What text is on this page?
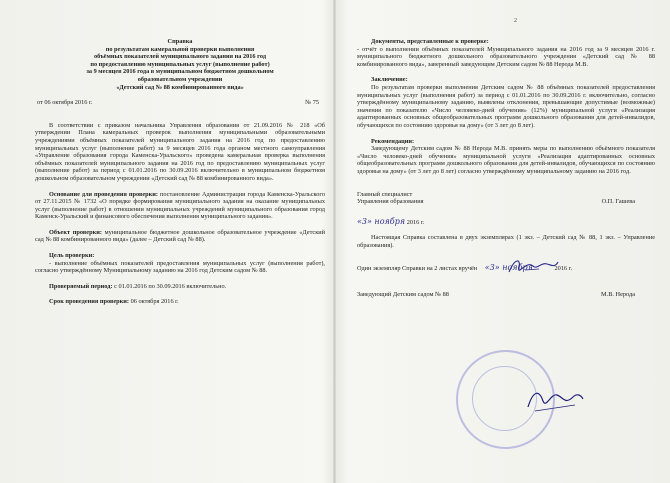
2
Справка
по результатам камеральной проверки выполнения
объёмных показателей муниципального задания на 2016 год
по предоставлению муниципальных услуг (выполнение работ)
за 9 месяцев 2016 года в муниципальном бюджетном дошкольном
образовательном учреждении
«Детский сад № 88 комбинированного вида»
от 06 октября 2016 г.	№ 75
В соответствии с приказом начальника Управления образования от 21.09.2016 № 218 «Об утверждении Плана камеральных проверок выполнения муниципальными образовательными учреждениями объёмных показателей муниципального задания на 2016 год по предоставлению муниципальных услуг (выполнение работ) за 9 месяцев 2016 года органом местного самоуправления «Управление образования города Каменска-Уральского» проведена камеральная проверка выполнения объёмных показателей муниципального задания на 2016 год по предоставлению муниципальных услуг (выполнение работ) за период с 01.01.2016 по 30.09.2016 включительно в муниципальном бюджетном дошкольном образовательном учреждении «Детский сад № 88 комбинированного вида».
Основание для проведения проверки: постановление Администрации города Каменска-Уральского от 27.11.2015 № 1732 «О порядке формирования муниципального задания на оказание муниципальных услуг (выполнение работ) в отношении муниципальных учреждений муниципального образования город Каменск-Уральский и финансового обеспечения выполнения муниципального задания».
Объект проверки: муниципальное бюджетное дошкольное образовательное учреждение «Детский сад № 88 комбинированного вида» (далее – Детский сад № 88).
Цель проверки:
- выполнение объёмных показателей предоставления муниципальных услуг (выполнения работ), согласно утверждённому Муниципальному заданию на 2016 год Детским садом № 88.
Проверяемый период: с 01.01.2016 по 30.09.2016 включительно.
Срок проведения проверки: 06 октября 2016 г.
Документы, представленные к проверке:
- отчёт о выполнении объёмных показателей Муниципального задания на 2016 год за 9 месяцев 2016 г. муниципального бюджетного дошкольного образовательного учреждения «Детский сад № 88 комбинированного вида», заверенный заведующим Детским садом № 88 Нерода М.В.
Заключение:
По результатам проверки выполнения Детским садом № 88 объёмных показателей предоставления муниципальных услуг (выполнения работ) за период с 01.01.2016 по 30.09.2016 г. включительно, согласно утверждённому муниципальному заданию, выявлены отклонения, превышающие допустимые (возможные) значения по показателю «Число человеко-дней обучения» (12%) муниципальной услуги «Реализация адаптированных основных общеобразовательных программ дошкольного образования для детей-инвалидов, обучающихся по состоянию здоровья на дому» (от 3 лет до 8 лет).
Рекомендации:
Заведующему Детским садом № 88 Нерода М.В. принять меры по выполнению объёмного показателя «Число человеко-дней обучения» муниципальной услуги «Реализация адаптированных основных общеобразовательных программ дошкольного образования для детей-инвалидов, обучающихся по состоянию здоровья на дому» (от 3 лет до 8 лет) согласно утверждённому муниципальному заданию на 2016 год.
Главный специалист
Управления образования	О.П. Гашева
«3» ноября 2016 г.
Настоящая Справка составлена в двух экземплярах (1 экз. – Детский сад № 88, 1 экз. – Управление образования).
Один экземпляр Справки на 2 листах вручён «3» ноября	2016 г.
Заведующий Детским садом № 88	М.В. Нерода
